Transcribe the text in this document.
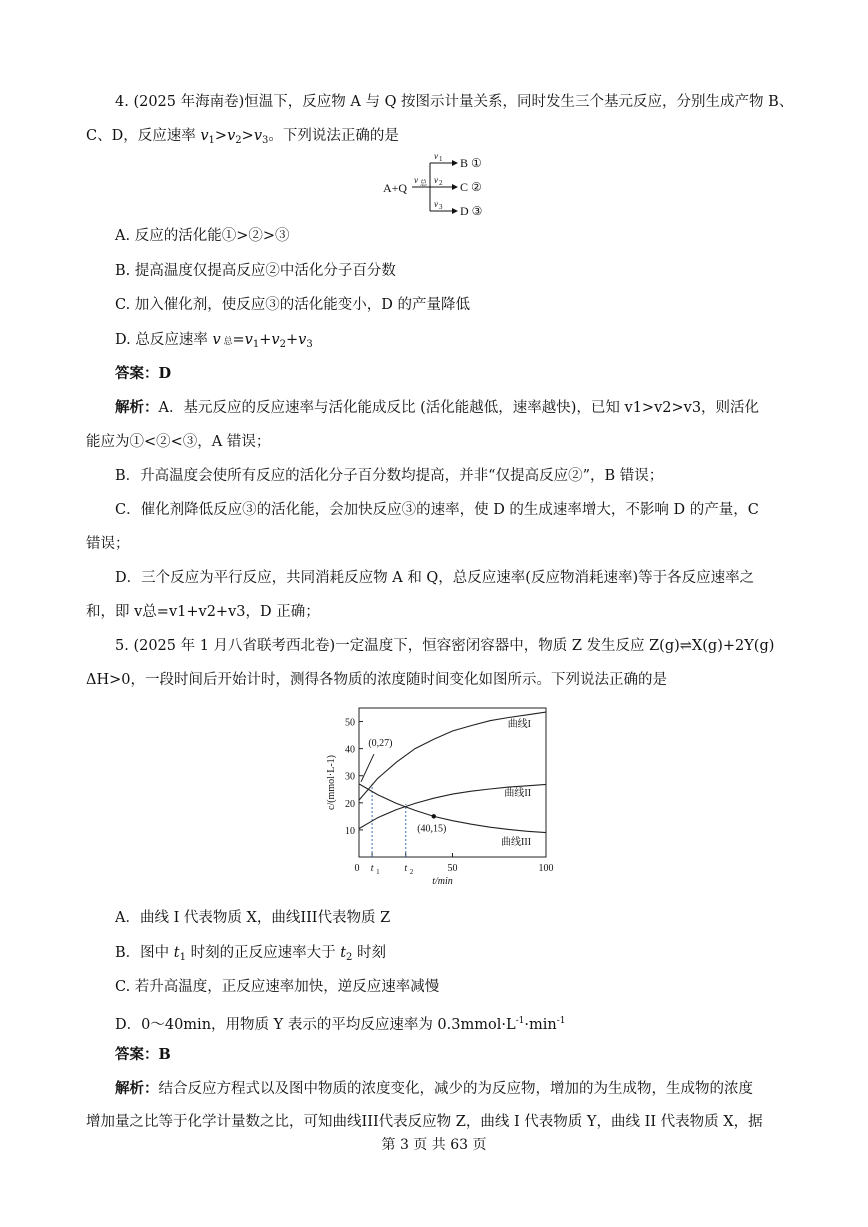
4. (2025 年海南卷)恒温下，反应物 A 与 Q 按图示计量关系，同时发生三个基元反应，分别生成产物 B、
C、D，反应速率 $v_1>v_2>v_3$。下列说法正确的是
A+Q
v 总
v 1
v 2
v 3
B ①
C ②
D ③
A. 反应的活化能①>②>③
B. 提高温度仅提高反应②中活化分子百分数
C. 加入催化剂，使反应③的活化能变小，D 的产量降低
D. 总反应速率 v 总$=v_1+v_2+v_3$
答案：D
解析：A．基元反应的反应速率与活化能成反比 (活化能越低，速率越快)，已知 v1>v2>v3，则活化
能应为①<②<③，A 错误；
B．升高温度会使所有反应的活化分子百分数均提高，并非“仅提高反应②”，B 错误；
C．催化剂降低反应③的活化能，会加快反应③的速率，使 D 的生成速率增大，不影响 D 的产量，C
错误；
D．三个反应为平行反应，共同消耗反应物 A 和 Q，总反应速率(反应物消耗速率)等于各反应速率之
和，即 v总=v1+v2+v3，D 正确；
5. (2025 年 1 月八省联考西北卷)一定温度下，恒容密闭容器中，物质 Z 发生反应 Z(g)⇌X(g)+2Y(g)
ΔH>0，一段时间后开始计时，测得各物质的浓度随时间变化如图所示。下列说法正确的是
10
20
30
40
50
0 t 1 t 2	50	100
t/min
c/(mmol·L-1)
曲线I
曲线II
曲线III
(0,27)
(40,15)
A．曲线 I 代表物质 X，曲线III代表物质 Z
B．图中 $t_1$ 时刻的正反应速率大于 $t_2$ 时刻
C. 若升高温度，正反应速率加快，逆反应速率减慢
D．0～40min，用物质 Y 表示的平均反应速率为 $0.3mmol\cdot L^{-1}\cdot\min^{-1}$
答案：B
解析：结合反应方程式以及图中物质的浓度变化，减少的为反应物，增加的为生成物，生成物的浓度
增加量之比等于化学计量数之比，可知曲线III代表反应物 Z，曲线 I 代表物质 Y，曲线 II 代表物质 X，据
第 3 页 共 63 页
